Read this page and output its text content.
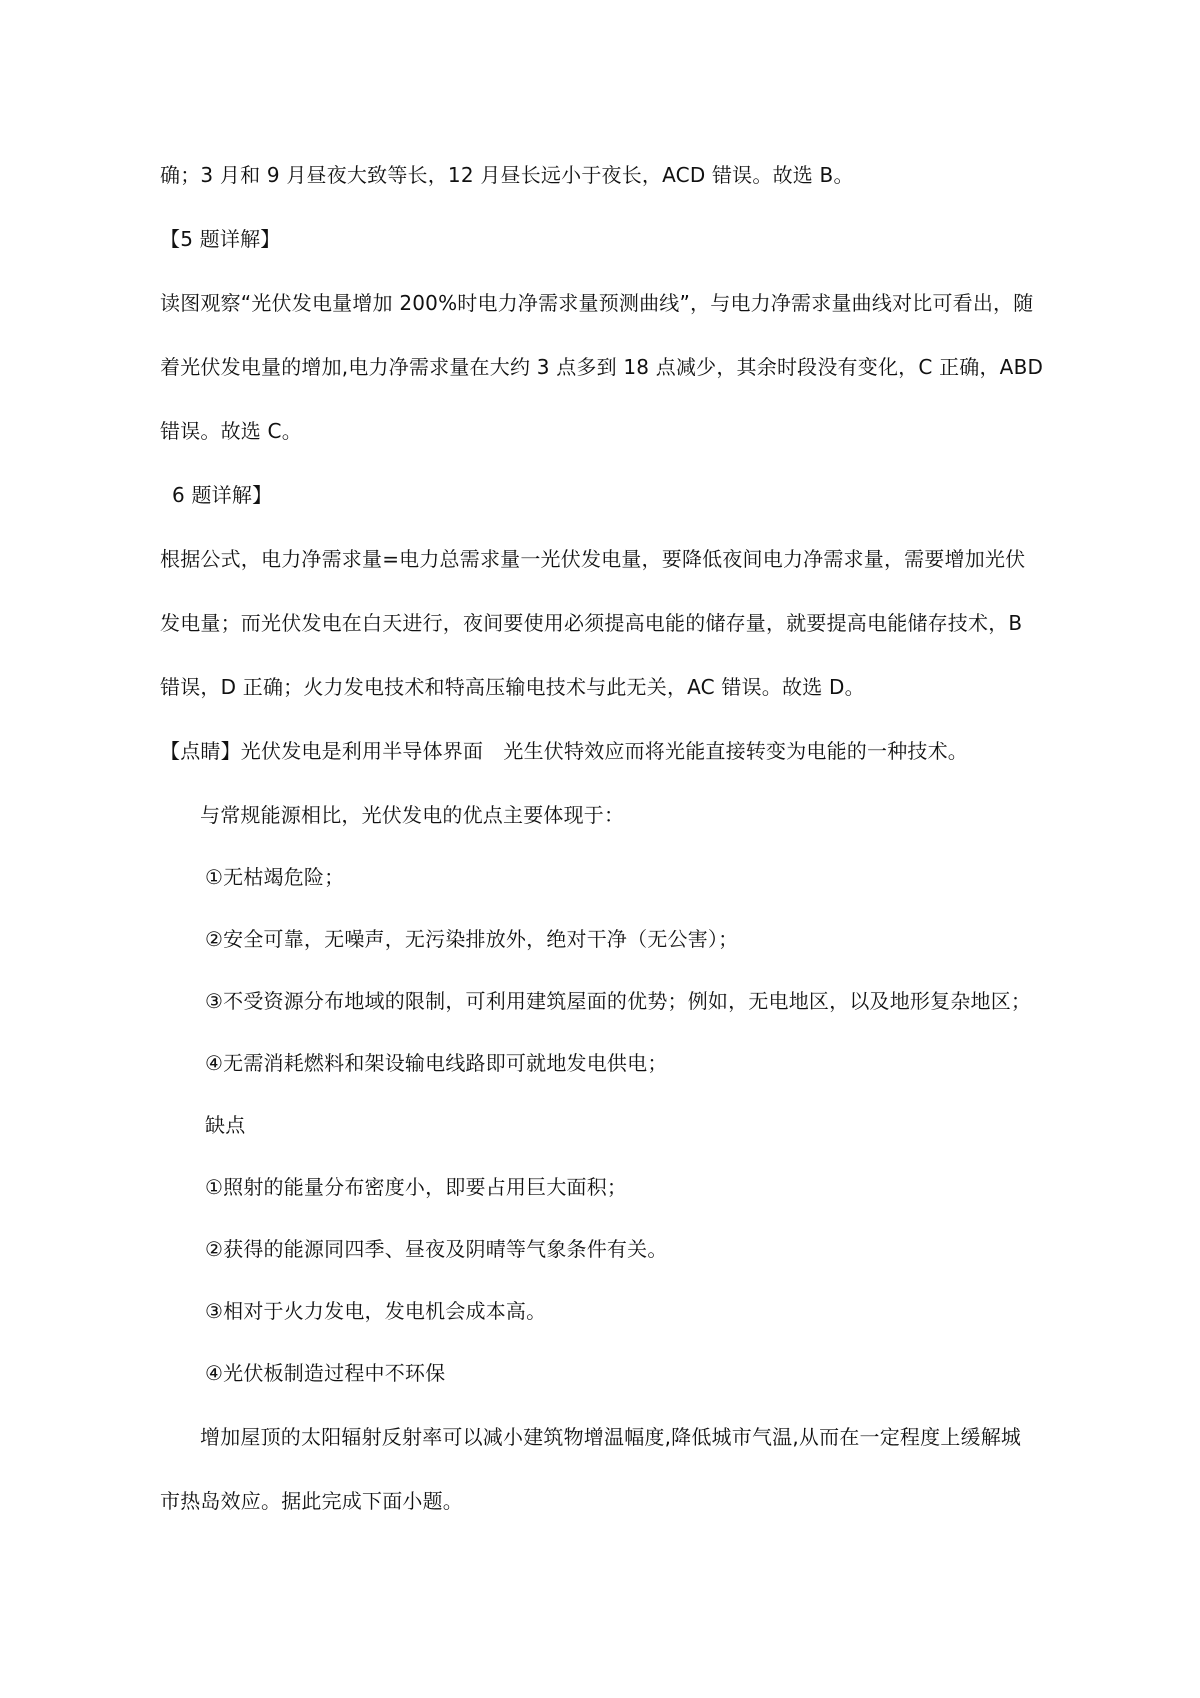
确；3 月和 9 月昼夜大致等长，12 月昼长远小于夜长，ACD 错误。故选 B。
【5 题详解】
读图观察“光伏发电量增加 200%时电力净需求量预测曲线”，与电力净需求量曲线对比可看出，随
着光伏发电量的增加,电力净需求量在大约 3 点多到 18 点减少，其余时段没有变化，C 正确，ABD
错误。故选 C。
6 题详解】
根据公式，电力净需求量=电力总需求量一光伏发电量，要降低夜间电力净需求量，需要增加光伏
发电量；而光伏发电在白天进行，夜间要使用必须提高电能的储存量，就要提高电能储存技术，B
错误，D 正确；火力发电技术和特高压输电技术与此无关，AC 错误。故选 D。
【点睛】光伏发电是利用半导体界面　光生伏特效应而将光能直接转变为电能的一种技术。
与常规能源相比，光伏发电的优点主要体现于：
①无枯竭危险；
②安全可靠，无噪声，无污染排放外，绝对干净（无公害）；
③不受资源分布地域的限制，可利用建筑屋面的优势；例如，无电地区，以及地形复杂地区；
④无需消耗燃料和架设输电线路即可就地发电供电；
缺点
①照射的能量分布密度小，即要占用巨大面积；
②获得的能源同四季、昼夜及阴晴等气象条件有关。
③相对于火力发电，发电机会成本高。
④光伏板制造过程中不环保
增加屋顶的太阳辐射反射率可以减小建筑物增温幅度,降低城市气温,从而在一定程度上缓解城
市热岛效应。据此完成下面小题。
